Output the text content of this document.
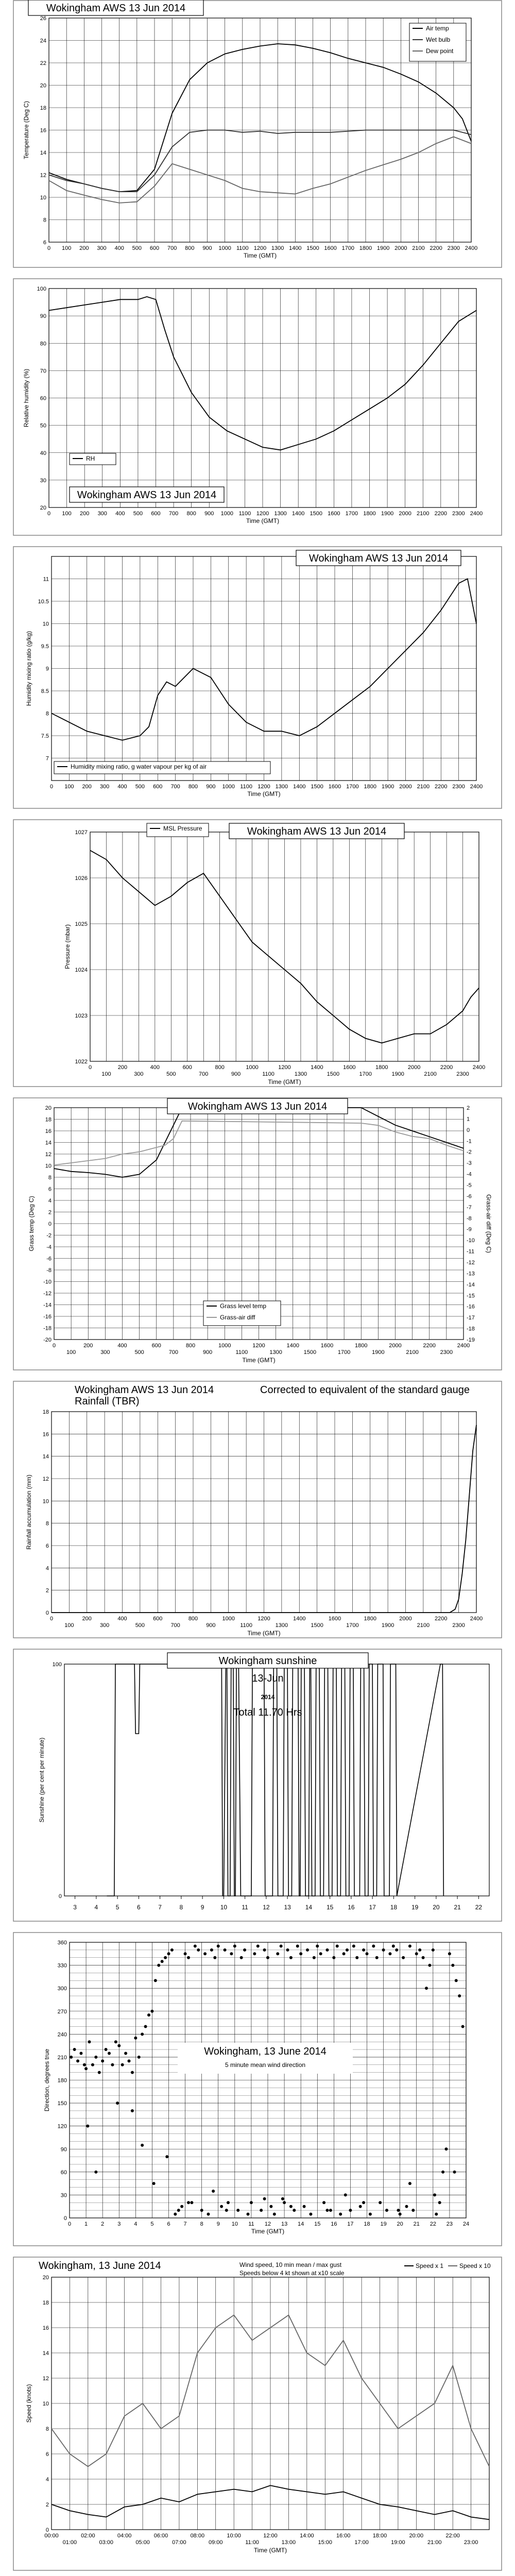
6
8
10
12
14
16
18
20
22
24
26
0 100 200 300 400 500 600 700 800 900 1000 1100 1200 1300 1400 1500 1600 1700 1800 1900 2000 2100 2200 2300 2400
Time (GMT)
Temperature (Deg C)
Wokingham AWS 13 Jun 2014
Air temp
Wet bulb
Dew point
20
30
40
50
60
70
80
90
100
0 100 200 300 400 500 600 700 800 900 1000 1100 1200 1300 1400 1500 1600 1700 1800 1900 2000 2100 2200 2300 2400
Time (GMT)
Relative humidity (%)
Wokingham AWS 13 Jun 2014
RH
7
7.5
8
8.5
9
9.5
10
10.5
11
0 100 200 300 400 500 600 700 800 900 1000 1100 1200 1300 1400 1500 1600 1700 1800 1900 2000 2100 2200 2300 2400
Time (GMT)
Humidity mixing ratio (g/kg)
Wokingham AWS 13 Jun 2014
Humidity mixing ratio, g water vapour per kg of air
1022
1023
1024
1025
1026
1027
0
100
200
300
400
500
600
700
800
900
1000
1100
1200
1300
1400
1500
1600
1700
1800
1900
2000
2100
2200
2300
2400
Time (GMT)
Pressure (mbar)
Wokingham AWS 13 Jun 2014
MSL Pressure
-20
-18
-16
-14
-12
-10
-8
-6
-4
-2
0
2
4
6
8
10
12
14
16
18
20
0
100
200
300
400
500
600
700
800
900
1000
1100
1200
1300
1400
1500
1600
1700
1800
1900
2000
2100
2200
2300
2400
Time (GMT)
Grass temp (Deg C)
2
1
0
-1
-2
-3
-4
-5
-6
-7
-8
-9
-10
-11
-12
-13
-14
-15
-16
-17
-18
-19
Grass-air diff (Deg C)
Wokingham AWS 13 Jun 2014
Grass level temp
Grass-air diff
0
2
4
6
8
10
12
14
16
18
0
100
200
300
400
500
600
700
800
900
1000
1100
1200
1300
1400
1500
1600
1700
1800
1900
2000
2100
2200
2300
2400
Time (GMT)
Rainfall accumulation (mm)
Wokingham AWS 13 Jun 2014
Rainfall (TBR)
Corrected to equivalent of the standard gauge
0
100
3	4	5	6	7	8	9	10 11 12 13 14 15 16 17 18 19 20 21 22
Sunshine (per cent per minute)
Wokingham sunshine
13-Jun
2014
Total 11.70 Hrs
0
30
60
90
120
150
180
210
240
270
300
330
360
0 1 2 3 4 5 6 7 8 9 10 11 12 13 14 15 16 17 18 19 20 21 22 23 24
Time (GMT)
Direction, degrees true	Wokingham, 13 June 2014
5 minute mean wind direction
0
2
4
6
8
10
12
14
16
18
20
00:00
01:00
02:00
03:00
04:00
05:00
06:00
07:00
08:00
09:00
10:00
11:00
12:00
13:00
14:00
15:00
16:00
17:00
18:00
19:00
20:00
21:00
22:00
23:00
Time (GMT)
Speed (knots)
Wokingham, 13 June 2014	Wind speed, 10 min mean / max gust
Speeds below 4 kt shown at x10 scale
Speed x 1	Speed x 10
